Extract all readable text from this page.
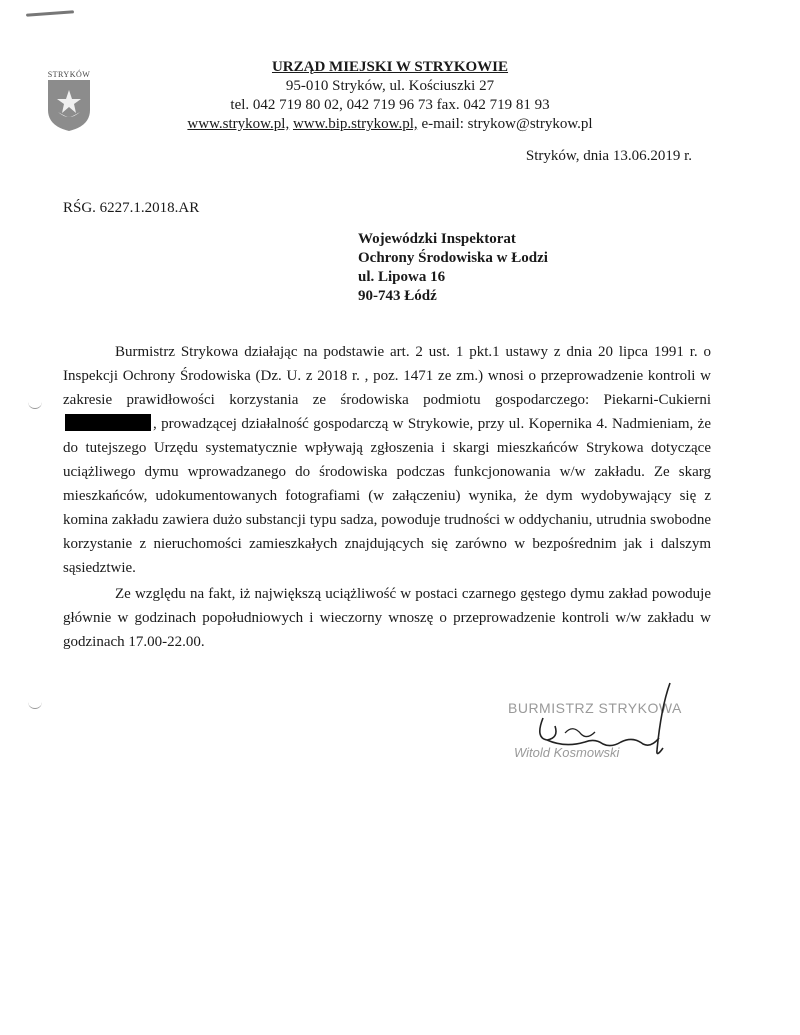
STRYKÓW	URZĄD MIEJSKI W STRYKOWIE
95-010 Stryków, ul. Kościuszki 27
tel. 042 719 80 02, 042 719 96 73 fax. 042 719 81 93
www.strykow.pl, www.bip.strykow.pl, e-mail: strykow@strykow.pl
Stryków, dnia 13.06.2019 r.
RŚG. 6227.1.2018.AR
Wojewódzki Inspektorat
Ochrony Środowiska w Łodzi
ul. Lipowa 16
90-743 Łódź

Burmistrz Strykowa działając na podstawie art. 2 ust. 1 pkt.1 ustawy z dnia 20 lipca 1991 r. o Inspekcji Ochrony Środowiska (Dz. U. z 2018 r. , poz. 1471 ze zm.) wnosi o przeprowadzenie kontroli w zakresie prawidłowości korzystania ze środowiska podmiotu gospodarczego: Piekarni-Cukierni, prowadzącej działalność gospodarczą w Strykowie, przy ul. Kopernika 4. Nadmieniam, że do tutejszego Urzędu systematycznie wpływają zgłoszenia i skargi mieszkańców Strykowa dotyczące uciążliwego dymu wprowadzanego do środowiska podczas funkcjonowania w/w zakładu. Ze skarg mieszkańców, udokumentowanych fotografiami (w załączeniu) wynika, że dym wydobywający się z komina zakładu zawiera dużo substancji typu sadza, powoduje trudności w oddychaniu, utrudnia swobodne korzystanie z nieruchomości zamieszkałych znajdujących się zarówno w bezpośrednim jak i dalszym sąsiedztwie.

Ze względu na fakt, iż największą uciążliwość w postaci czarnego gęstego dymu zakład powoduje głównie w godzinach popołudniowych i wieczorny wnoszę o przeprowadzenie kontroli w/w zakładu w godzinach 17.00-22.00.

BURMISTRZ STRYKOWA
Witold Kosmowski
